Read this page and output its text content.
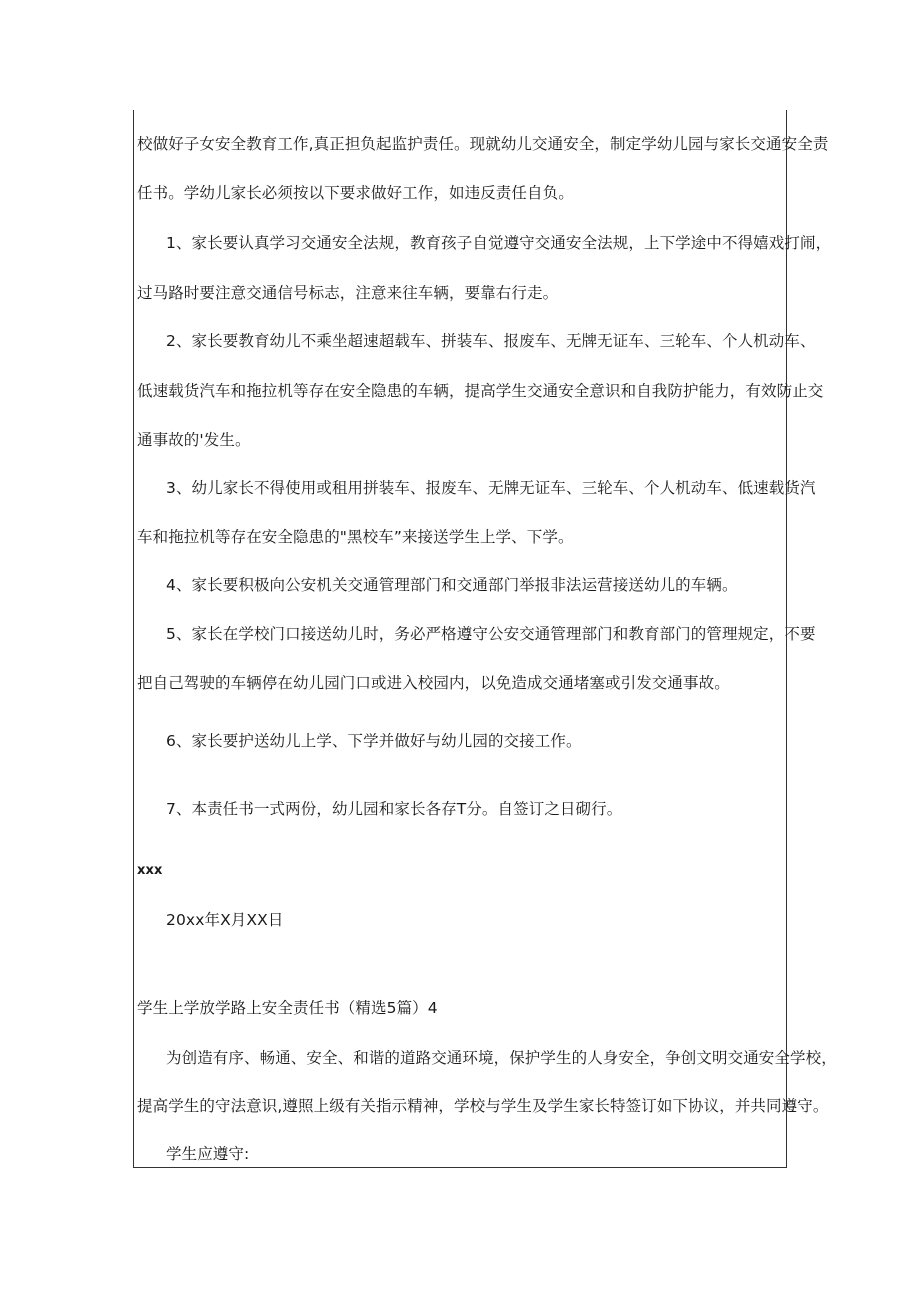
校做好子女安全教育工作,真正担负起监护责任。现就幼儿交通安全，制定学幼儿园与家长交通安全责
任书。学幼儿家长必须按以下要求做好工作，如违反责任自负。
1、家长要认真学习交通安全法规，教育孩子自觉遵守交通安全法规，上下学途中不得嬉戏打闹，
过马路时要注意交通信号标志，注意来往车辆，要靠右行走。
2、家长要教育幼儿不乘坐超速超载车、拼装车、报废车、无牌无证车、三轮车、个人机动车、
低速载货汽车和拖拉机等存在安全隐患的车辆，提高学生交通安全意识和自我防护能力，有效防止交
通事故的'发生。
3、幼儿家长不得使用或租用拼装车、报废车、无牌无证车、三轮车、个人机动车、低速载货汽
车和拖拉机等存在安全隐患的"黑校车”来接送学生上学、下学。
4、家长要积极向公安机关交通管理部门和交通部门举报非法运营接送幼儿的车辆。
5、家长在学校门口接送幼儿时，务必严格遵守公安交通管理部门和教育部门的管理规定，不要
把自己驾驶的车辆停在幼儿园门口或进入校园内，以免造成交通堵塞或引发交通事故。
6、家长要护送幼儿上学、下学并做好与幼儿园的交接工作。
7、本责任书一式两份，幼儿园和家长各存T分。自签订之日砌行。
xxx
20xx年X月XX日
学生上学放学路上安全责任书（精选5篇）4
为创造有序、畅通、安全、和谐的道路交通环境，保护学生的人身安全，争创文明交通安全学校，
提高学生的守法意识,遵照上级有关指示精神，学校与学生及学生家长特签订如下协议，并共同遵守。
学生应遵守:
